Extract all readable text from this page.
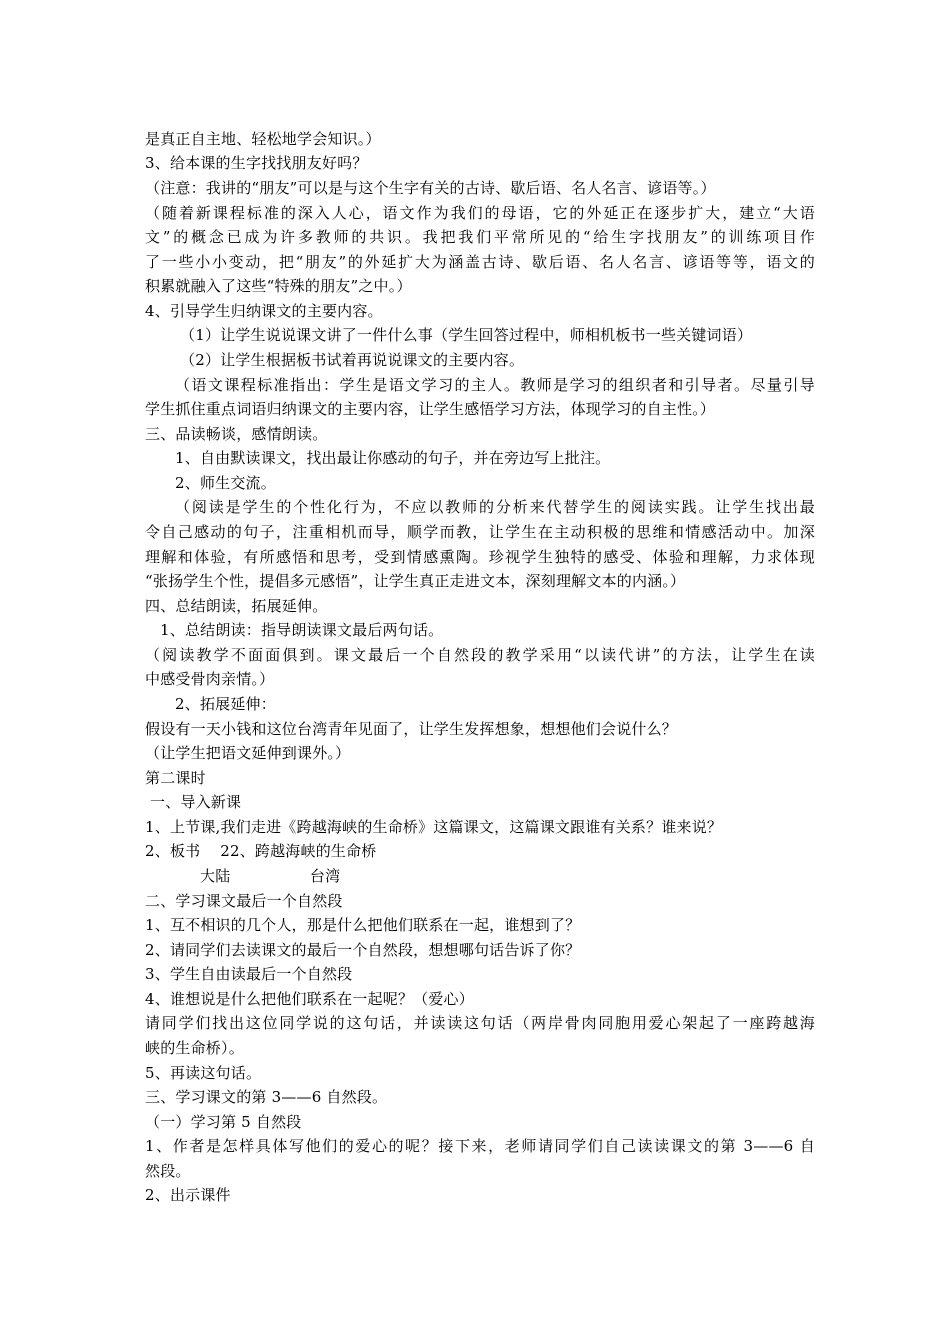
是真正自主地、轻松地学会知识。）
3、给本课的生字找找朋友好吗？
（注意：我讲的“朋友”可以是与这个生字有关的古诗、歇后语、名人名言、谚语等。）
（随着新课程标准的深入人心，语文作为我们的母语，它的外延正在逐步扩大，建立“大语
文”的概念已成为许多教师的共识。我把我们平常所见的“给生字找朋友”的训练项目作
了一些小小变动，把“朋友”的外延扩大为涵盖古诗、歇后语、名人名言、谚语等等，语文的
积累就融入了这些“特殊的朋友”之中。）
4、引导学生归纳课文的主要内容。
（1）让学生说说课文讲了一件什么事（学生回答过程中，师相机板书一些关键词语）
（2）让学生根据板书试着再说说课文的主要内容。
（语文课程标准指出：学生是语文学习的主人。教师是学习的组织者和引导者。尽量引导
学生抓住重点词语归纳课文的主要内容，让学生感悟学习方法，体现学习的自主性。）
三、品读畅谈，感情朗读。
1、自由默读课文，找出最让你感动的句子，并在旁边写上批注。
2、师生交流。
（阅读是学生的个性化行为，不应以教师的分析来代替学生的阅读实践。让学生找出最
令自己感动的句子，注重相机而导，顺学而教，让学生在主动积极的思维和情感活动中。加深
理解和体验，有所感悟和思考，受到情感熏陶。珍视学生独特的感受、体验和理解，力求体现
“张扬学生个性，提倡多元感悟”，让学生真正走进文本，深刻理解文本的内涵。）
四、总结朗读，拓展延伸。
1、总结朗读：指导朗读课文最后两句话。
（阅读教学不面面俱到。课文最后一个自然段的教学采用“以读代讲”的方法，让学生在读
中感受骨肉亲情。）
2、拓展延伸：
假设有一天小钱和这位台湾青年见面了，让学生发挥想象，想想他们会说什么？
（让学生把语文延伸到课外。）
第二课时
一、导入新课
1、上节课,我们走进《跨越海峡的生命桥》这篇课文，这篇课文跟谁有关系？谁来说？
2、板书    22、跨越海峡的生命桥
大陆                台湾
二、学习课文最后一个自然段
1、互不相识的几个人，那是什么把他们联系在一起，谁想到了？
2、请同学们去读课文的最后一个自然段，想想哪句话告诉了你？
3、学生自由读最后一个自然段
4、谁想说是什么把他们联系在一起呢？（爱心）
请同学们找出这位同学说的这句话，并读读这句话（两岸骨肉同胞用爱心架起了一座跨越海
峡的生命桥）。
5、再读这句话。
三、学习课文的第 3——6 自然段。
（一）学习第 5 自然段
1、作者是怎样具体写他们的爱心的呢？接下来，老师请同学们自己读读课文的第 3——6 自
然段。
2、出示课件
